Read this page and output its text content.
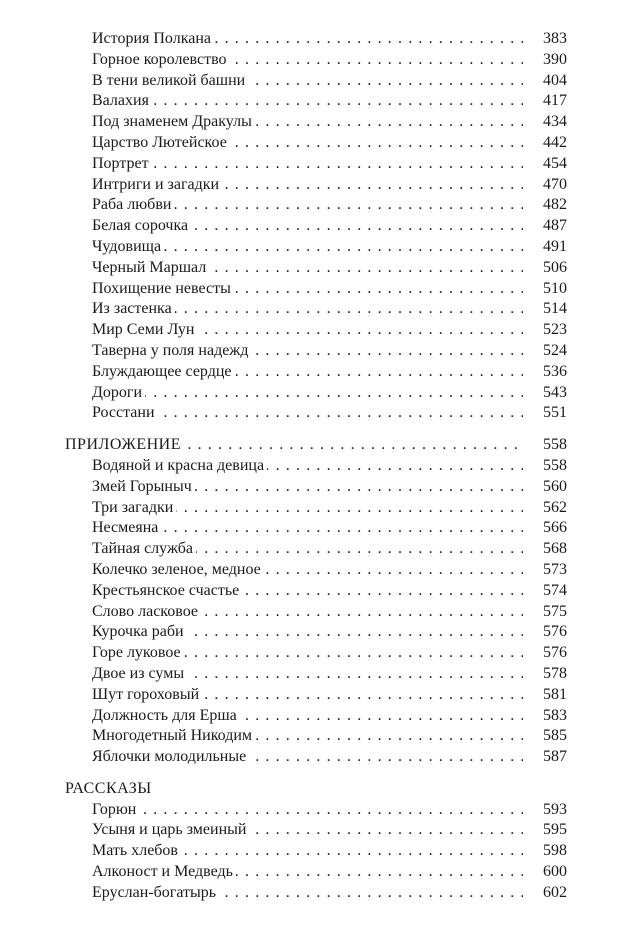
История Полкана . . .	383
Горное королевство . . .	390
В тени великой башни . . .	404
Валахия . . .	417
Под знаменем Дракулы . . .	434
Царство Лютейское . . .	442
Портрет . . .	454
Интриги и загадки . . .	470
Раба любви . . .	482
Белая сорочка . . .	487
Чудовища . . .	491
Черный Маршал . . .	506
Похищение невесты . . .	510
Из застенка . . .	514
Мир Семи Лун . . .	523
Таверна у поля надежд . . .	524
Блуждающее сердце . . .	536
Дороги . . .	543
Росстани . . .	551
ПРИЛОЖЕНИЕ . . .	558
Водяной и красна девица . . .	558
Змей Горыныч . . .	560
Три загадки . . .	562
Несмеяна . . .	566
Тайная служба . . .	568
Колечко зеленое, медное . . .	573
Крестьянское счастье . . .	574
Слово ласковое . . .	575
Курочка раби . . .	576
Горе луковое . . .	576
Двое из сумы . . .	578
Шут гороховый . . .	581
Должность для Ерша . . .	583
Многодетный Никодим . . .	585
Яблочки молодильные . . .	587
РАССКАЗЫ
Горюн . . .	593
Усыня и царь змеиный . . .	595
Мать хлебов . . .	598
Алконост и Медведь . . .	600
Еруслан-богатырь . . .	602
